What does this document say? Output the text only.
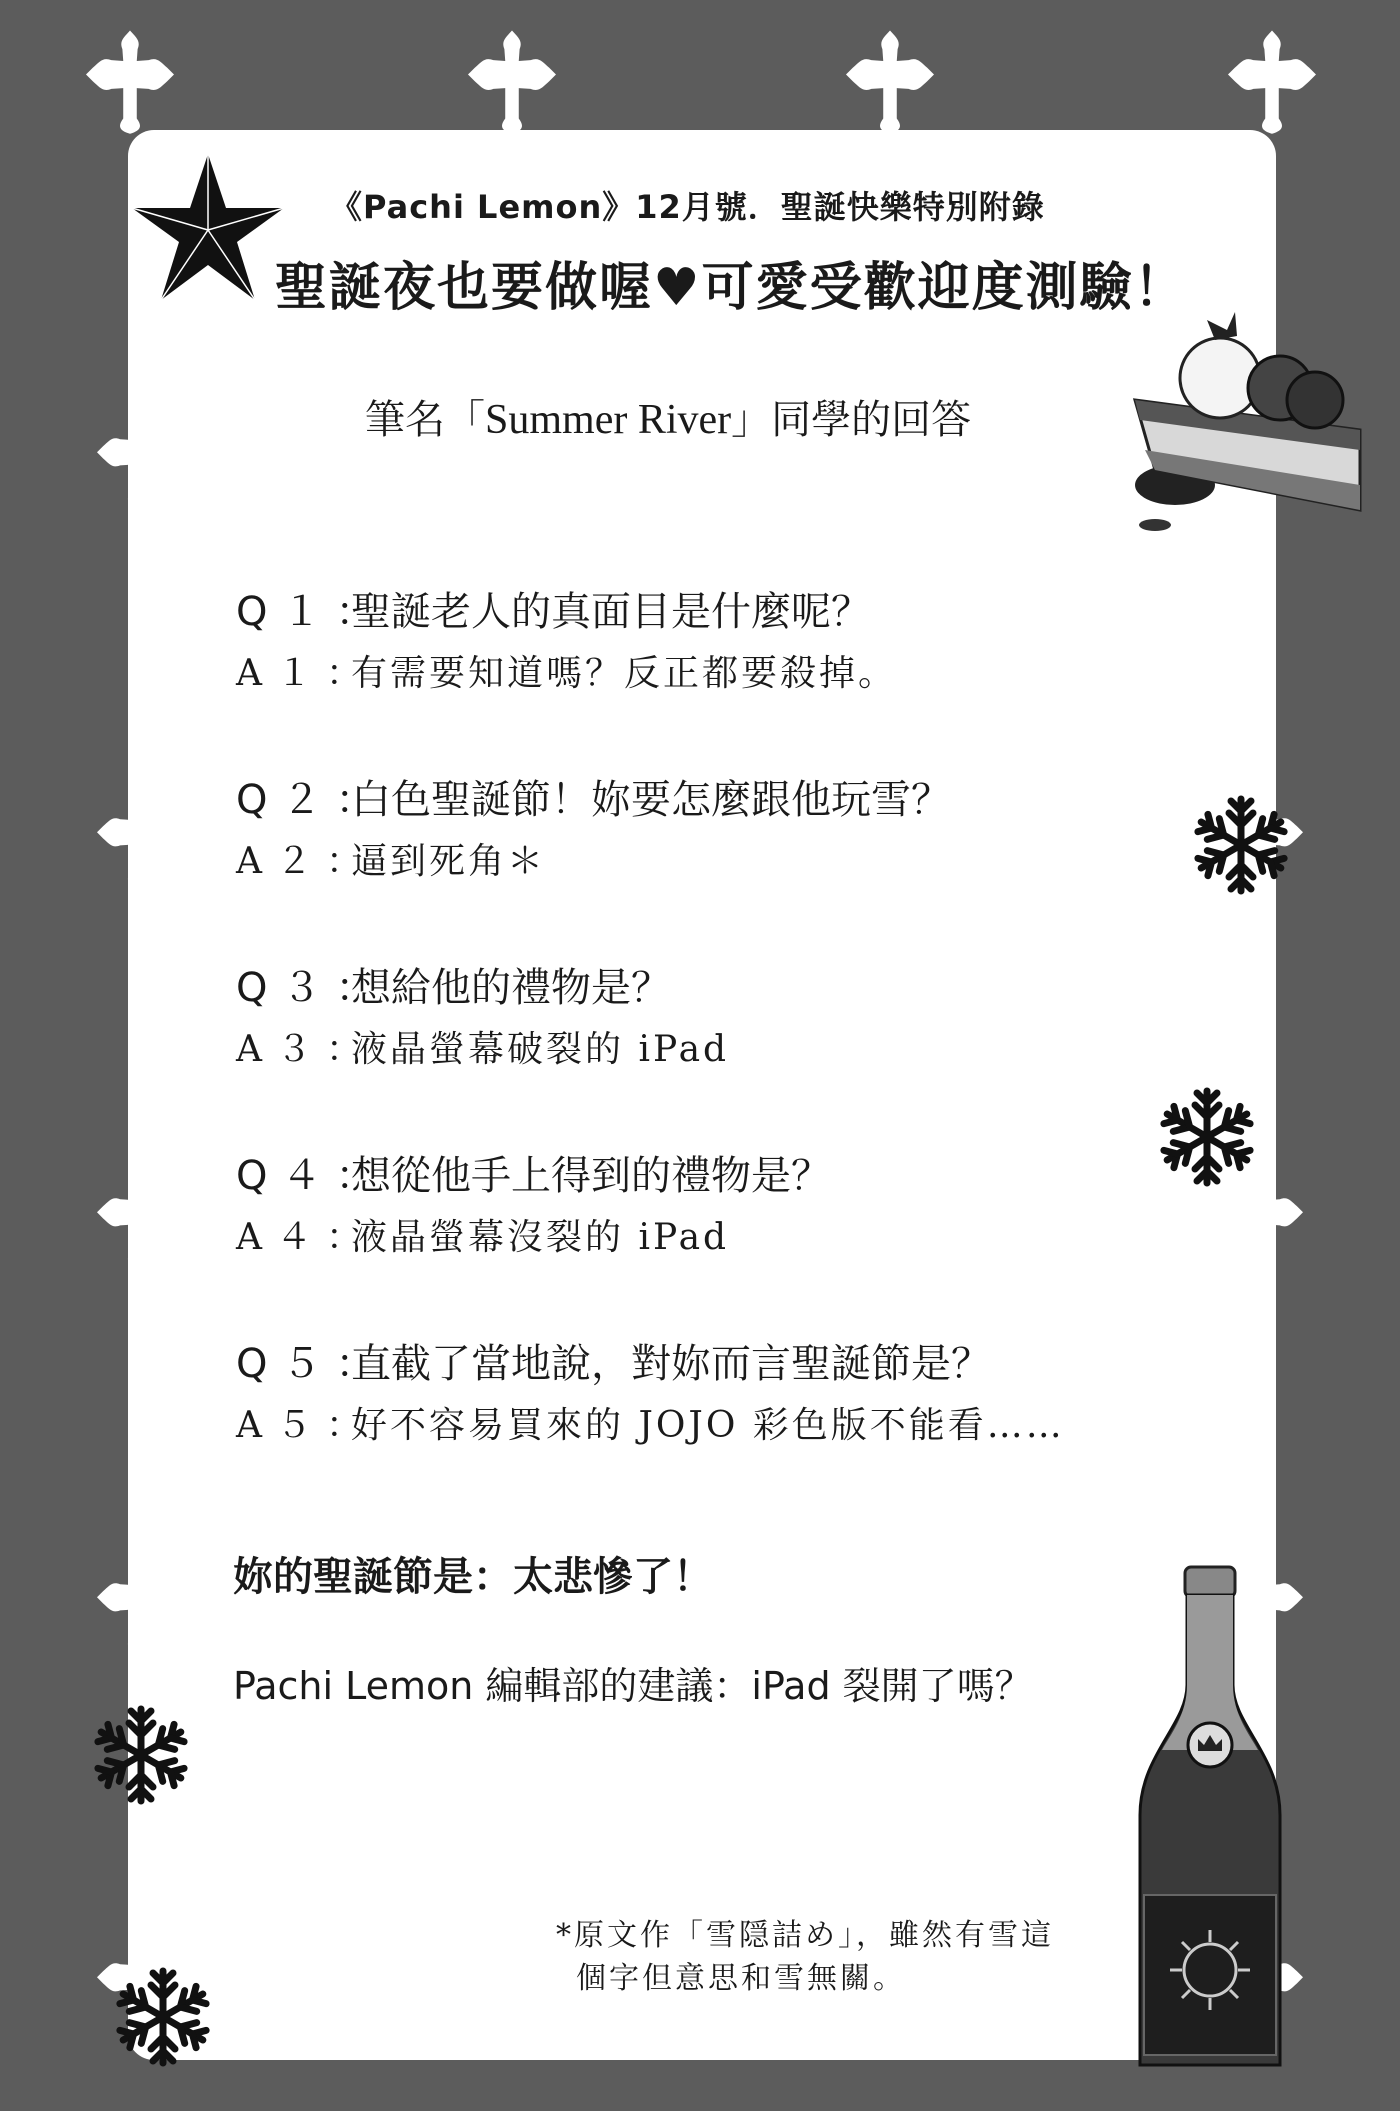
《Pachi Lemon》12月號．聖誕快樂特別附錄
聖誕夜也要做喔♥可愛受歡迎度測驗！
筆名「Summer River」同學的回答
Q１：聖誕老人的真面目是什麼呢？
A１：有需要知道嗎？反正都要殺掉。
Q２：白色聖誕節！妳要怎麼跟他玩雪？
A２：逼到死角＊
Q３：想給他的禮物是？
A３：液晶螢幕破裂的 iPad
Q４：想從他手上得到的禮物是？
A４：液晶螢幕沒裂的 iPad
Q５：直截了當地說，對妳而言聖誕節是？
A５：好不容易買來的 JOJO 彩色版不能看……
妳的聖誕節是：太悲慘了！
Pachi Lemon 編輯部的建議：iPad 裂開了嗎？
*原文作「雪隠詰め」，雖然有雪這
個字但意思和雪無關。
